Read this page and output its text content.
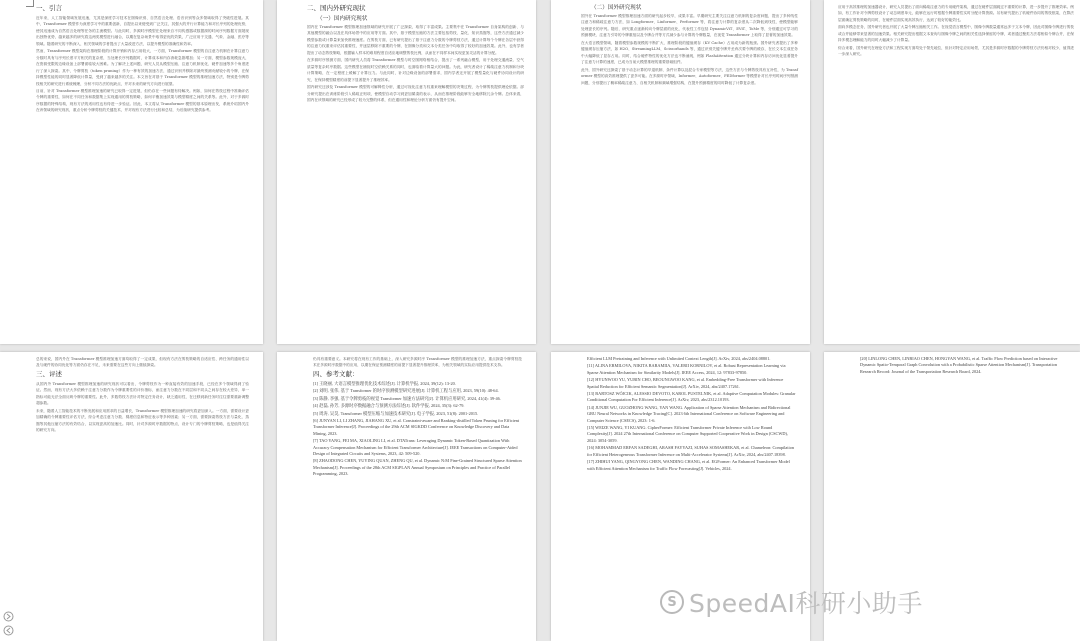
一、引言

近年来，人工智能领域发展迅速，尤其是深度学习技术在图像识别、自然语言处理、语音识别等众多领域取得了突破性进展。其中，Transformer 模型作为深度学习中的重要创新，自提出以来便受到广泛关注，其强大的并行计算能力和对长序列的处理优势，使其迅速成为自然语言处理等任务的主流模型。与此同时，多源时序模型在处理来自不同传感器或数据源的时间序列数据方面展现出独特优势，越来越多的研究将这两类模型进行融合，以期在复杂场景中取得更优的效果，广泛应用于交通、气象、金融、医疗等领域。随着研究的不断深入，相关领域的学者提出了大量改进方法，以提升模型的准确性和效率。

然而，Transformer 模型架构在推理阶段的计算开销和内存占用较大，一方面，Transformer 模型的自注意力机制在计算注意力分数时具有与序列长度平方相关的复杂度，当处理长序列数据时，计算成本和内存消耗急剧增加；另一方面，模型参数规模庞大，在资源受限的边缘设备上部署面临较大困难。为了解决上述问题，研究人员从模型压缩、注意力机制优化、硬件加速等多个角度进行了深入探索。其中，令牌剪枝（token pruning）作为一种有效的加速方法，通过识别并移除对最终预测贡献较小的令牌，在保持模型性能的同时显著降低计算量，受到了越来越多的关注。本文旨在对基于 Transformer 模型的推理加速方法，特别是令牌剪枝相关的研究进行系统梳理，分析不同方法的优缺点，并对未来的研究方向进行展望。

目前，针对 Transformer 模型推理加速的研究已取得一定进展，但仍存在一些问题有待解决。例如，如何在剪枝过程中准确评估令牌的重要性，如何在不同任务和数据集上实现通用的剪枝策略，如何平衡加速效果与模型精度之间的关系等。此外，对于多源时序数据的特殊结构，现有方法的适用性也有待进一步验证。因此，本文将从 Transformer 模型的基本原理出发，系统介绍国内外在该领域的研究现状，重点分析令牌剪枝的关键技术，并对现有方法进行比较和总结，为后续研究提供参考。

二、国内外研究现状
（一）国内研究现状

国内在 Transformer 模型推理加速领域的研究开展了广泛探索，取得了丰富成果。主要集中在 Transformer 自身架构的创新、与其他模型的融合以及在具体场景中的应用等方面。其中，基于模型压缩的方法主要包括剪枝、量化、知识蒸馏等，这些方法通过减少模型参数或计算量来加快推理速度。在剪枝方面，已有研究提出了基于注意力分数的令牌剪枝方法，通过计算每个令牌在各层中获得的注意力权重来评估其重要性，并逐层移除不重要的令牌，在图像分类和文本分类任务中均取得了较好的加速效果。此外，也有学者提出了动态剪枝策略，根据输入样本的难易程度自适应地调整剪枝比例，从而在不同样本间实现更加灵活的计算分配。

在多源时序预测方面，国内研究人员将 Transformer 模型与时空图网络相结合，提出了一系列融合模型，用于处理交通流量、空气质量等复杂时序数据。这些模型在捕捉时空依赖关系的同时，也面临着计算量大的问题。为此，研究者设计了稀疏注意力机制和分块计算策略，在一定程度上缓解了计算压力。与此同时，针对边缘设备的部署需求，国内学者还开展了模型量化与硬件协同设计的研究，在保持模型精度的前提下显著提升了推理效率。

国内研究还涉及 Transformer 模型的可解释性分析，通过可视化注意力权重来理解模型的决策过程，为令牌剪枝提供理论依据。部分研究提出在训练阶段引入稀疏正则项，使模型自动学习到更加紧凑的表示，从而在推理阶段能够安全地移除冗余令牌。总体来看，国内在该领域的研究已经形成了较为完整的体系，但在通用性和理论分析方面仍有提升空间。

（二）国外研究现状

国外在 Transformer 模型推理加速方面的研究起步较早，成果丰富。早期研究主要关注注意力机制的复杂度问题，提出了多种线性注意力和稀疏注意力方法，如 Longformer、Linformer、Performer 等，将注意力计算的复杂度从二次降低到线性，使模型能够处理更长的序列。随后，研究重点逐渐转向令牌层面的优化，代表性工作包括 DynamicViT、EViT、ToMe 等，分别通过可学习的预测模块、注意力引导的令牌重组以及令牌合并等方式减少参与计算的令牌数量，在视觉 Transformer 上取得了显著的加速效果。

在大语言模型领域，随着模型参数规模的不断扩大，推理阶段的键值缓存（KV Cache）占用成为新的瓶颈。国外研究者提出了多种键值缓存压缩方法，如 H2O、StreamingLLM、Scissorhands 等，通过识别关键令牌并丢弃次要令牌的缓存，在长文本生成任务中大幅降低了显存占用。同时，结合硬件特性的优化方法也不断涌现，例如 FlashAttention 通过分块计算和内存访问优化显著提升了注意力计算的速度，已成为当前大模型推理的重要基础组件。

此外，国外研究还探索了基于动态计算的早退机制、条件计算以及混合专家模型等方法，这些方法与令牌剪枝具有互补性，为 Transformer 模型的高效推理提供了更多可能。在多源时序领域，Informer、Autoformer、FEDformer 等模型针对长序列时间序列预测问题，分别提出了概率稀疏注意力、自相关机制和频域增强结构，在提升预测精度的同时降低了计算复杂度。

应用于高效推理的加速器设计，研究人员提出了面向稀疏注意力的专用硬件架构，通过在硬件层面跳过不重要的计算，进一步提升了推理效率。例如，有工作针对令牌剪枝设计了动态调度单元，能够在运行时根据令牌重要性实时分配计算资源。另有研究提出了软硬件协同的剪枝框架，在算法层面确定剪枝策略的同时，在硬件层面实现高效执行，达到了较好的能效比。

面向多模态任务，国外研究者也开展了大量令牌压缩相关工作。在视觉语言模型中，图像令牌数量通常远多于文本令牌，因此对图像令牌进行剪枝或合并能够带来显著的加速效果。相关研究提出根据文本查询与图像令牌之间的相关性选择保留的令牌，或者通过聚类方法将相似令牌合并，在保持多模态理解能力的同时大幅减少了计算量。

综合来看，国外研究在理论方法和工程实现方面均处于领先地位，但针对特定应用场景，尤其是多源时序数据的令牌剪枝方法仍相对较少，值得进一步深入研究。

总的来说，国内外在 Transformer 模型推理加速方面均取得了一定成果，但现有方法在剪枝策略的自适应性、跨任务的通用性以及与硬件的协同优化等方面仍存在不足，未来需要在这些方向上继续探索。

三、评述

从国内外 Transformer 模型推理加速的研究现状可以看出，令牌剪枝作为一种直接有效的加速手段，已经在多个领域得到了验证。然而，现有方法大多依赖于注意力分数作为令牌重要性的评价指标，而注意力分数在不同层和不同头之间存在较大差异，单一指标可能无法全面反映令牌的重要性。此外，多数剪枝方法针对特定任务设计，缺乏通用性，在迁移到新任务时往往需要重新调整超参数。

未来，随着人工智能技术的不断发展和应用需求的日益增长，Transformer 模型推理加速的研究将更加深入。一方面，需要设计更加精确的令牌重要性评估方法，综合考虑注意力分数、梯度信息和特征表示等多种因素；另一方面，需要探索剪枝方法与量化、蒸馏等其他压缩方法的有效结合，以实现更高的加速比。同时，针对多源时序数据的特点，设计专门的令牌剪枝策略，也是值得关注的研究方向。

仍具有重要意义。本研究将在现有工作的基础上，深入研究多源时序 Transformer 模型的推理加速方法，重点探索令牌剪枝技术在多源时序数据中的应用，以期在保证预测精度的前提下显著提升推理效率，为相关领域的实际应用提供技术支持。

四、参考文献：

[1] 王晓丽, 大语言模型推理优化技术综述[J]. 计算机学报, 2024, 39(12): 13-20.

[2] 刘明, 张伟, 基于 Transformer 的时序预测模型研究进展[J]. 计算机工程与应用, 2023, 59(10): 48-64.

[3] 陈静, 李强, 基于令牌剪枝的视觉 Transformer 加速方法研究[J]. 计算机应用研究, 2024, 41(4): 39-46.

[4] 赵磊, 孙芳, 多源时序数据融合与预测方法综述[J]. 软件学报, 2024, 35(3): 62-79.

[5] 周涛, 吴昊, Transformer 模型压缩与加速技术研究[J]. 电子学报, 2023, 51(8): 2001-2015.

[6] JUNYAN LI, LI ZHANG, JIAHANG XU, et al. Constraint-aware and Ranking-distilled Token Pruning for Efficient Transformer Inference[J]. Proceedings of the 29th ACM SIGKDD Conference on Knowledge Discovery and Data Mining, 2023.

[7] TAO YANG, FEI MA, XIAOLING LI, et al. DTATrans: Leveraging Dynamic Token-Based Quantization With Accuracy Compensation Mechanism for Efficient Transformer Architecture[J]. IEEE Transactions on Computer-Aided Design of Integrated Circuits and Systems, 2023, 42: 509-520.

[8] ZHAODONG CHEN, YUYING QUAN, ZHENG QU, et al. Dynamic N:M Fine-Grained Structured Sparse Attention Mechanism[J]. Proceedings of the 28th ACM SIGPLAN Annual Symposium on Principles and Practice of Parallel Programming, 2023.

Efficient LLM Pretraining and Inference with Unlimited Context Length[J]. ArXiv, 2024, abs/2404.08801.

[11] ALINA ERMILOVA, NIKITA BARAMIIA, VALERII KORNILOV, et al. Robust Representation Learning via Sparse Attention Mechanism for Similarity Models[J]. IEEE Access, 2024, 12: 97833-97850.

[12] HYUNWOO YU, YUBIN CHO, BEOUNGWOO KANG, et al. Embedding-Free Transformer with Inference Spatial Reduction for Efficient Semantic Segmentation[J]. ArXiv, 2024, abs/2407.17261.

[13] BARTOSZ WÓJCIK, ALESSIO DEVOTO, KAROL PUSTELNIK, et al. Adaptive Computation Modules: Granular Conditional Computation For Efficient Inference[J]. ArXiv, 2023, abs/2312.10193.

[14] JUNJIE WU, GUOZHONG WANG, YAN WANG. Application of Sparse Attention Mechanism and Bidirectional GRU Neural Networks in Knowledge Tracing[C]. 2023 6th International Conference on Software Engineering and Computer Science (CSECS), 2023: 1-6.

[15] WEIZE WANG, YI KUANG. CipherFormer: Efficient Transformer Private Inference with Low Round Complexity[J]. 2024 27th International Conference on Computer Supported Cooperative Work in Design (CSCWD), 2024: 3054-3059.

[16] MOHAMMAD ERFAN SADEGHI, ARASH FAYYAZI, SUHAS SOMASHEKAR, et al. Chameleon: Compilation for Efficient Heterogeneous Transformer Inference on Multi-Accelerator Systems[J]. ArXiv, 2024, abs/2407.18398.

[17] ZHIHUI YANG, QINGYONG CHEN, WANDING CHANG, et al. EGFormer: An Enhanced Transformer Model with Efficient Attention Mechanism for Traffic Flow Forecasting[J]. Vehicles, 2024.

[20] LINLONG CHEN, LINBIAO CHEN, HONGYAN WANG, et al. Traffic Flow Prediction based on Interactive Dynamic Spatio-Temporal Graph Convolution with a Probabilistic Sparse Attention Mechanism[J]. Transportation Research Record: Journal of the Transportation Research Board, 2024.

S SpeedAI科研小助手
